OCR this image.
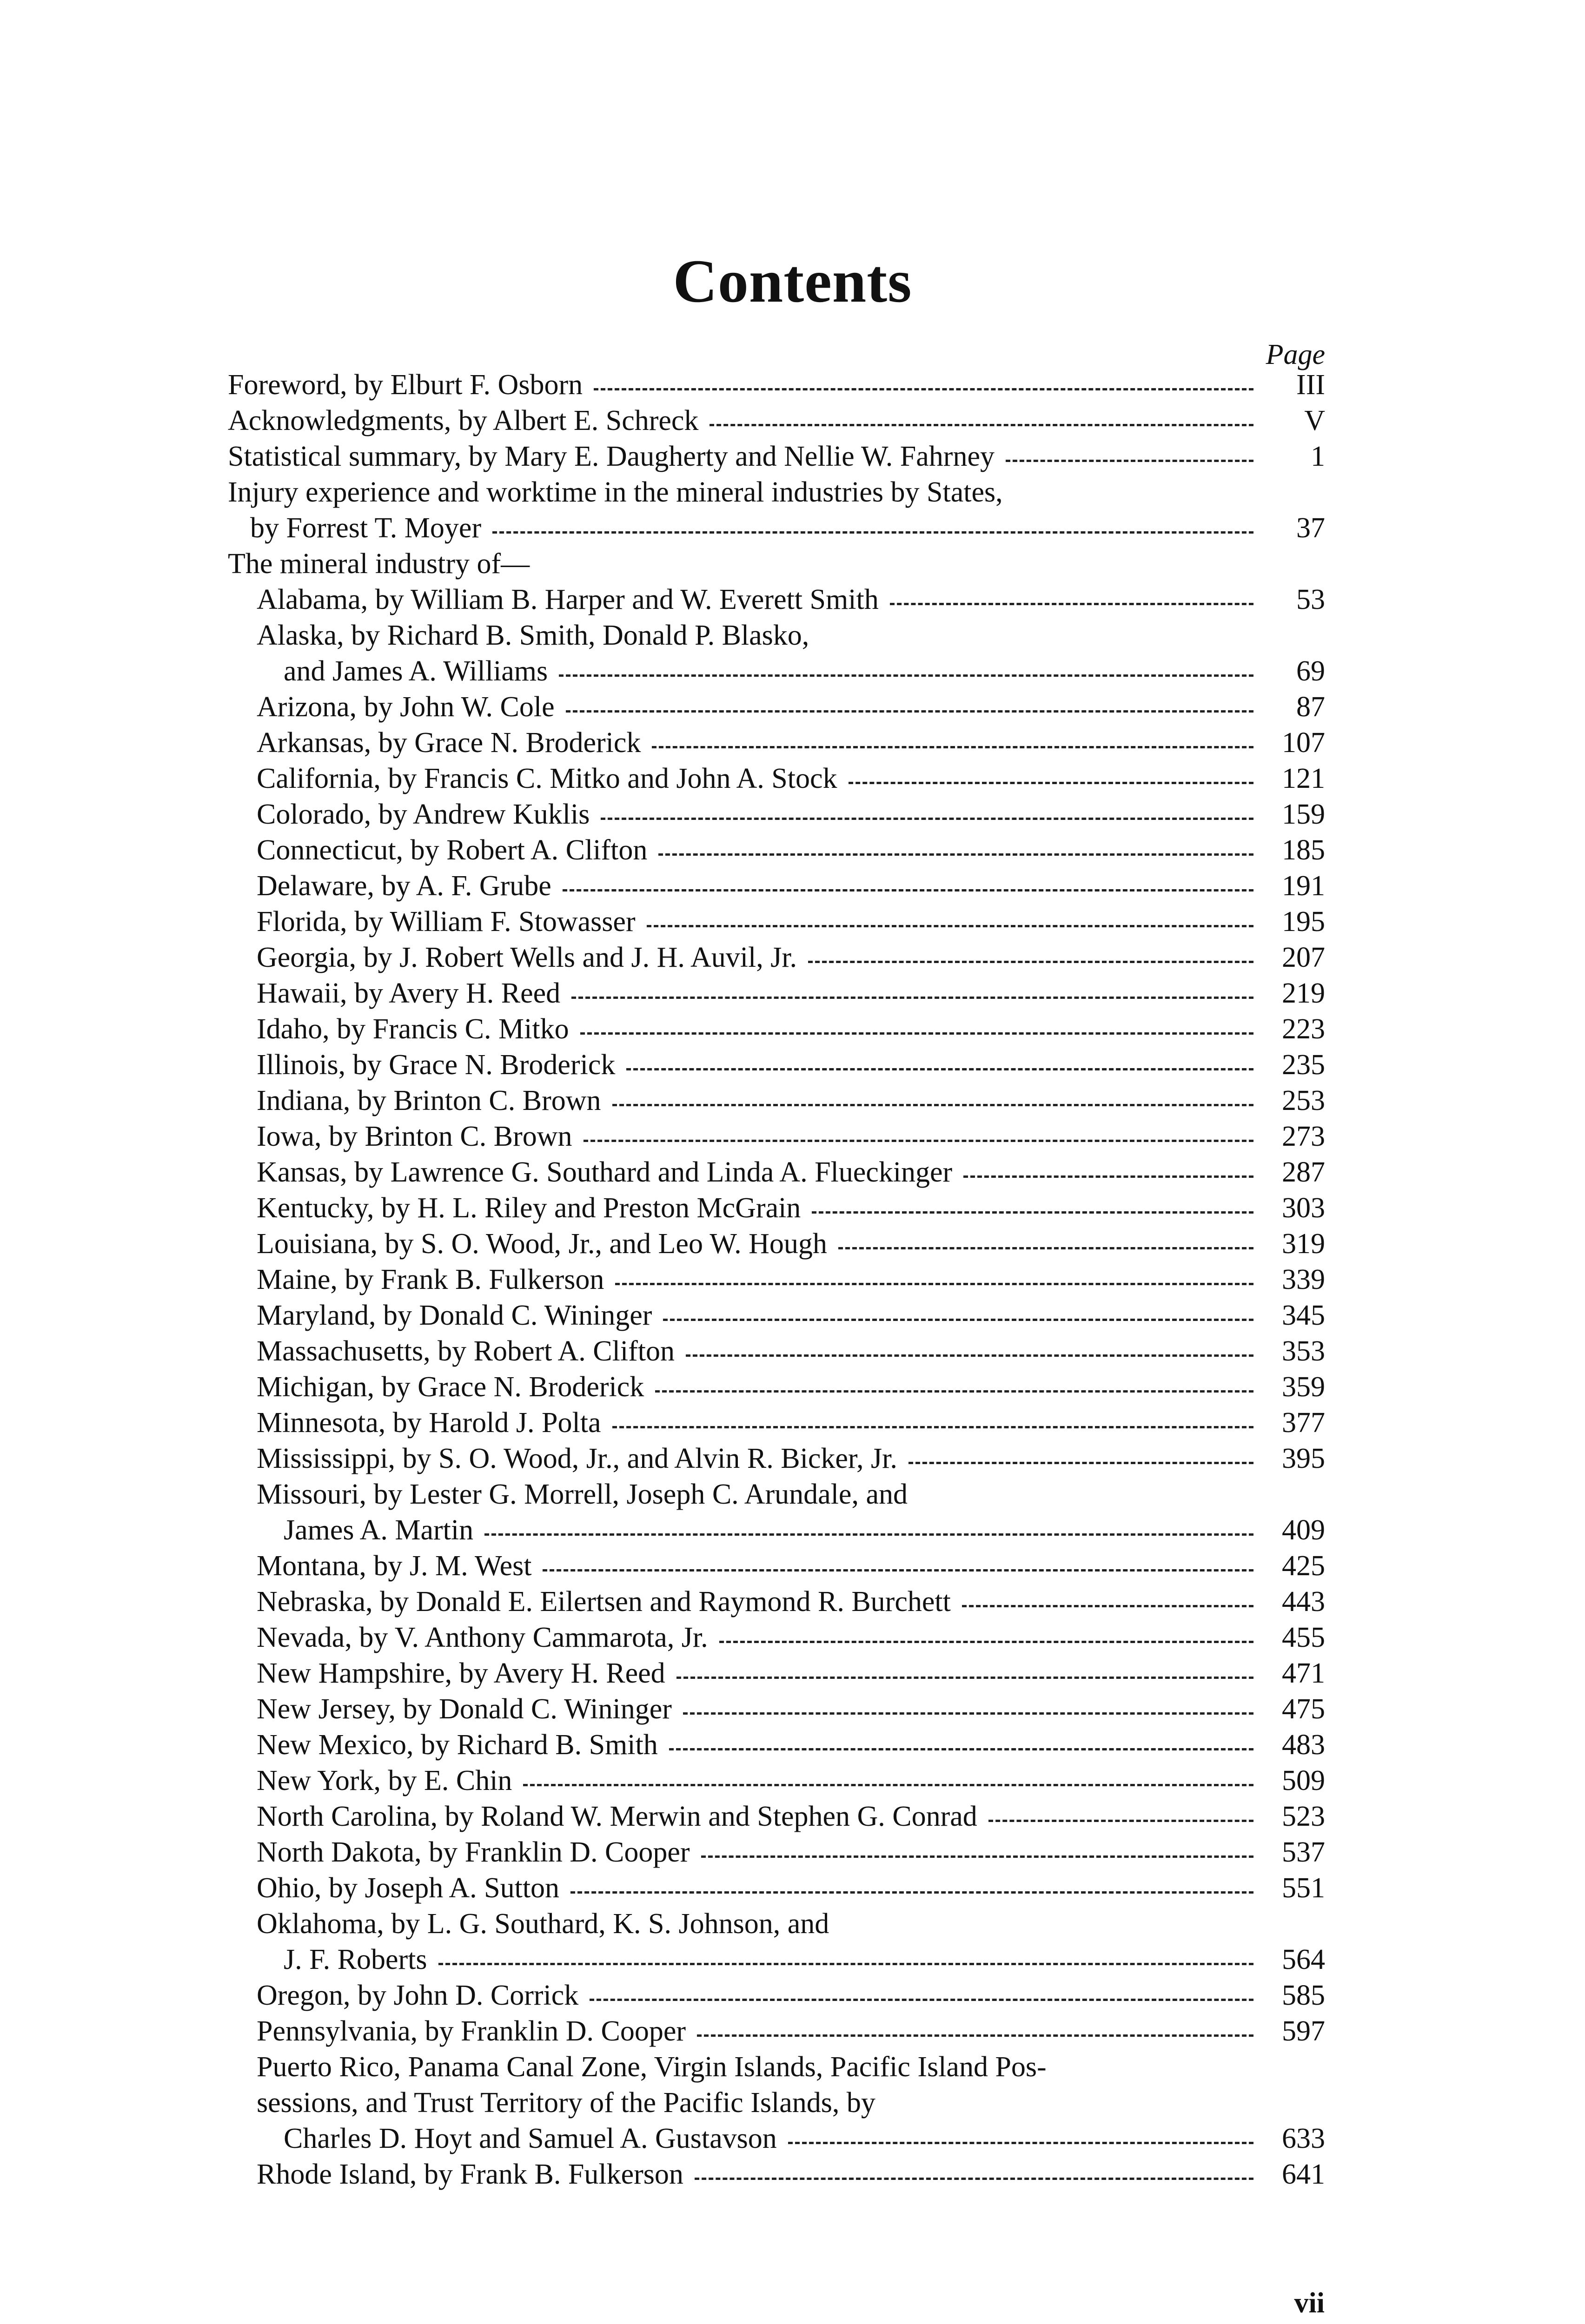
Contents
Page
Foreword, by Elburt F. Osborn	III
Acknowledgments, by Albert E. Schreck	V
Statistical summary, by Mary E. Daugherty and Nellie W. Fahrney	1
Injury experience and worktime in the mineral industries by States,
by Forrest T. Moyer	37
The mineral industry of—
Alabama, by William B. Harper and W. Everett Smith	53
Alaska, by Richard B. Smith, Donald P. Blasko,
and James A. Williams	69
Arizona, by John W. Cole	87
Arkansas, by Grace N. Broderick	107
California, by Francis C. Mitko and John A. Stock	121
Colorado, by Andrew Kuklis	159
Connecticut, by Robert A. Clifton	185
Delaware, by A. F. Grube	191
Florida, by William F. Stowasser	195
Georgia, by J. Robert Wells and J. H. Auvil, Jr.	207
Hawaii, by Avery H. Reed	219
Idaho, by Francis C. Mitko	223
Illinois, by Grace N. Broderick	235
Indiana, by Brinton C. Brown	253
Iowa, by Brinton C. Brown	273
Kansas, by Lawrence G. Southard and Linda A. Flueckinger	287
Kentucky, by H. L. Riley and Preston McGrain	303
Louisiana, by S. O. Wood, Jr., and Leo W. Hough	319
Maine, by Frank B. Fulkerson	339
Maryland, by Donald C. Wininger	345
Massachusetts, by Robert A. Clifton	353
Michigan, by Grace N. Broderick	359
Minnesota, by Harold J. Polta	377
Mississippi, by S. O. Wood, Jr., and Alvin R. Bicker, Jr.	395
Missouri, by Lester G. Morrell, Joseph C. Arundale, and
James A. Martin	409
Montana, by J. M. West	425
Nebraska, by Donald E. Eilertsen and Raymond R. Burchett	443
Nevada, by V. Anthony Cammarota, Jr.	455
New Hampshire, by Avery H. Reed	471
New Jersey, by Donald C. Wininger	475
New Mexico, by Richard B. Smith	483
New York, by E. Chin	509
North Carolina, by Roland W. Merwin and Stephen G. Conrad	523
North Dakota, by Franklin D. Cooper	537
Ohio, by Joseph A. Sutton	551
Oklahoma, by L. G. Southard, K. S. Johnson, and
J. F. Roberts	564
Oregon, by John D. Corrick	585
Pennsylvania, by Franklin D. Cooper	597
Puerto Rico, Panama Canal Zone, Virgin Islands, Pacific Island Pos-
sessions, and Trust Territory of the Pacific Islands, by
Charles D. Hoyt and Samuel A. Gustavson	633
Rhode Island, by Frank B. Fulkerson	641
vii
